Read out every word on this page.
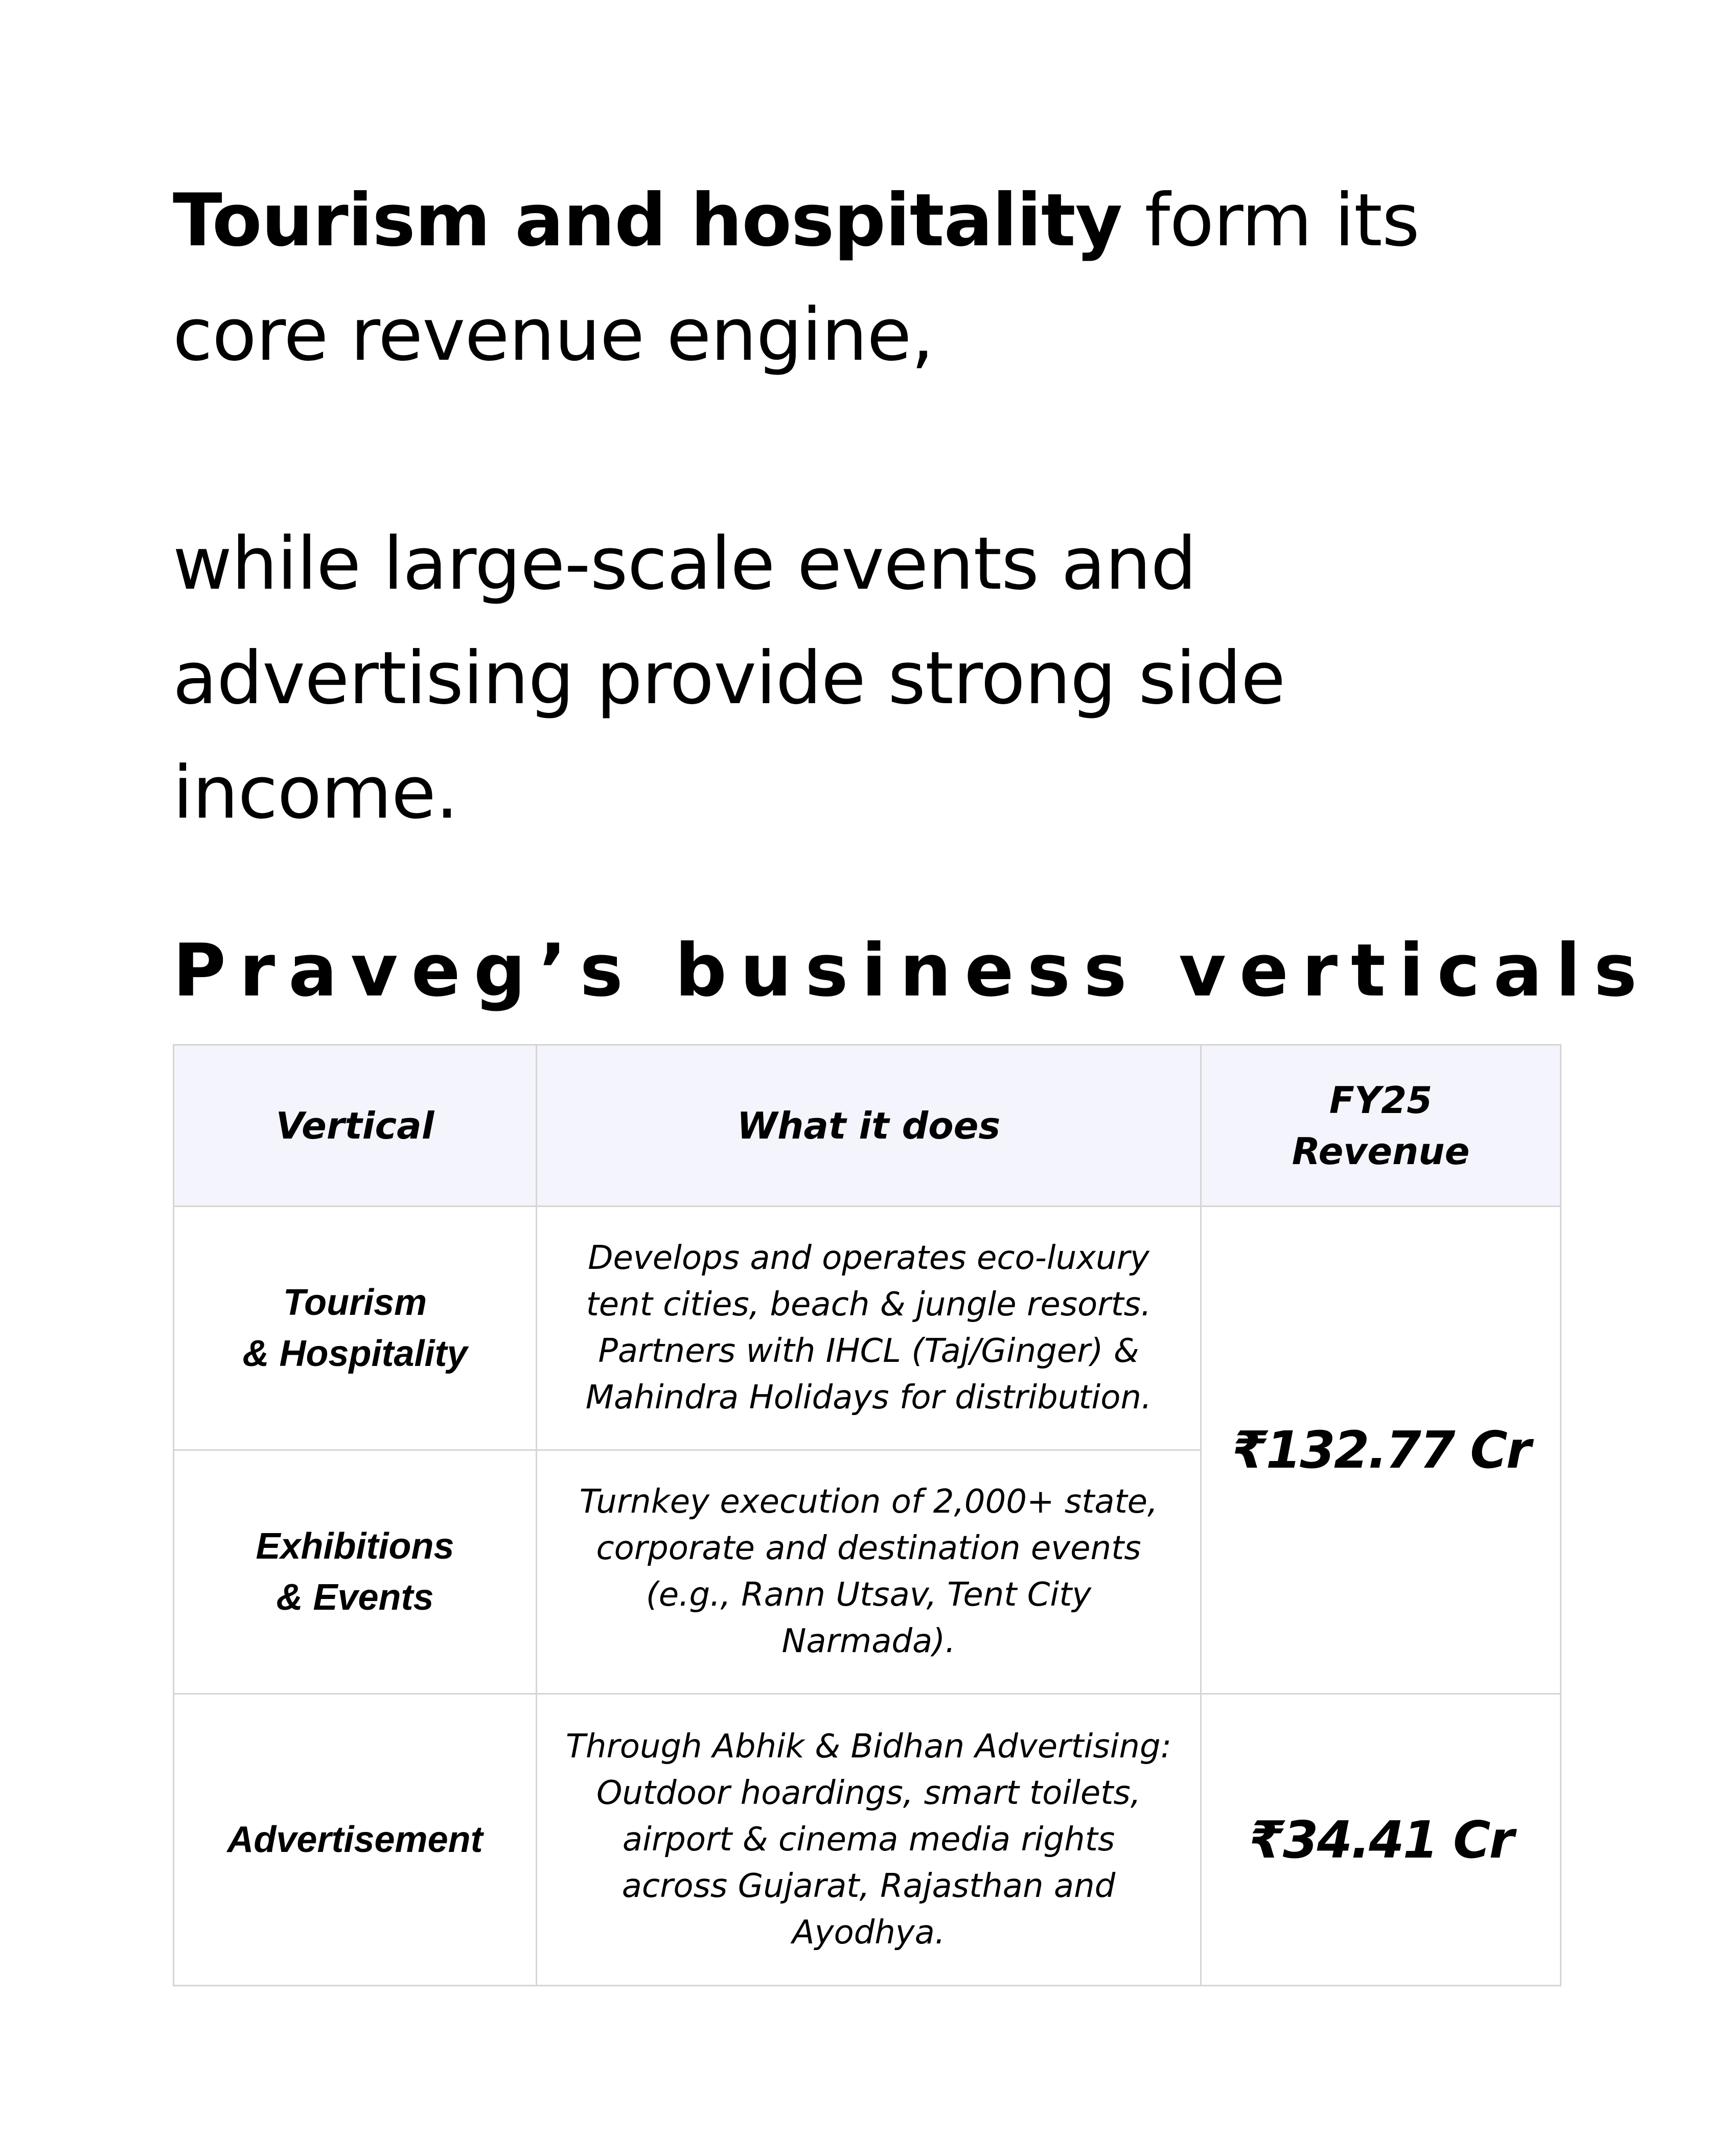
Tourism and hospitality form its
core revenue engine,

while large-scale events and
advertising provide strong side
income.

Praveg’s business verticals
Vertical	What it does	FY25
Revenue

Tourism
& Hospitality	Develops and operates eco-luxury
tent cities, beach & jungle resorts.
Partners with IHCL (Taj/Ginger) &
Mahindra Holidays for distribution.	₹132.77 Cr

Exhibitions
& Events	Turnkey execution of 2,000+ state,
corporate and destination events
(e.g., Rann Utsav, Tent City
Narmada).	

Advertisement	Through Abhik & Bidhan Advertising:
Outdoor hoardings, smart toilets,
airport & cinema media rights
across Gujarat, Rajasthan and
Ayodhya.	₹34.41 Cr
